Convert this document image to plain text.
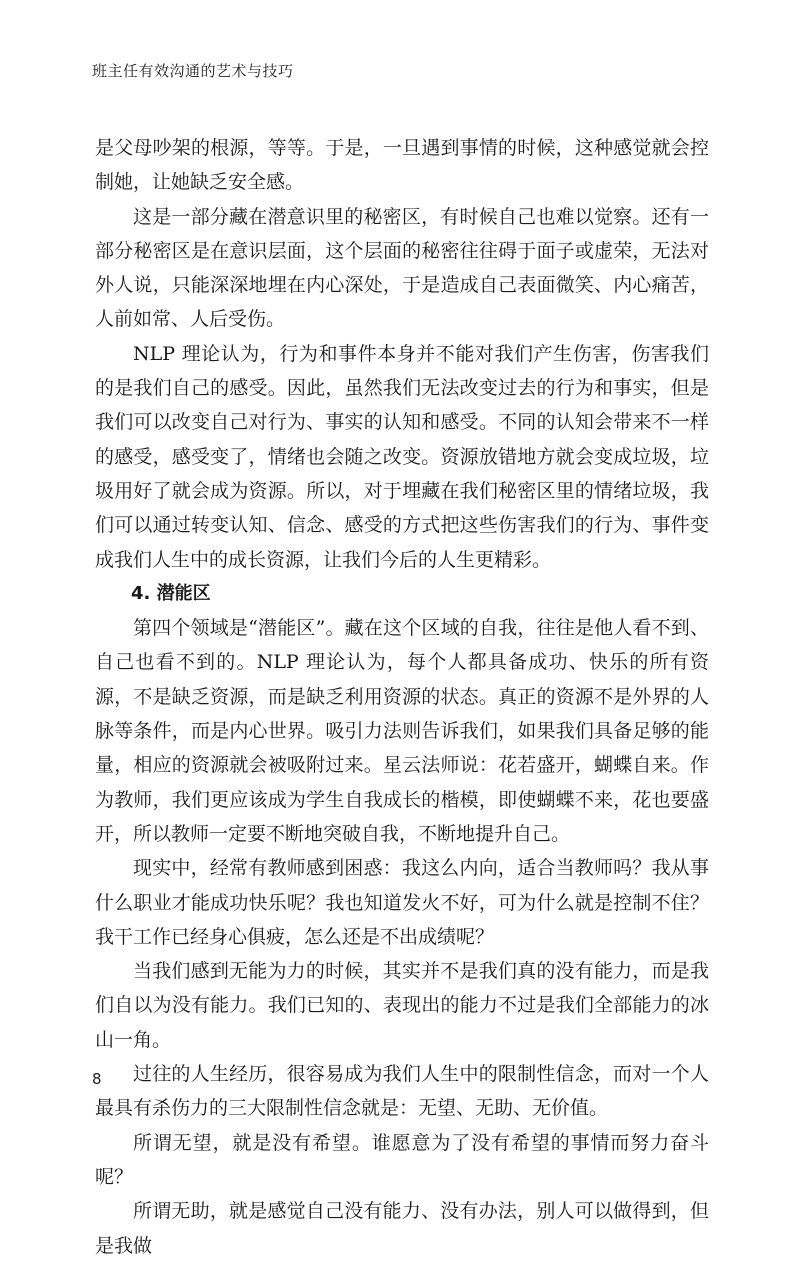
班主任有效沟通的艺术与技巧

是父母吵架的根源，等等。于是，一旦遇到事情的时候，这种感觉就会控制她，让她缺乏安全感。

这是一部分藏在潜意识里的秘密区，有时候自己也难以觉察。还有一部分秘密区是在意识层面，这个层面的秘密往往碍于面子或虚荣，无法对外人说，只能深深地埋在内心深处，于是造成自己表面微笑、内心痛苦，人前如常、人后受伤。

NLP 理论认为，行为和事件本身并不能对我们产生伤害，伤害我们的是我们自己的感受。因此，虽然我们无法改变过去的行为和事实，但是我们可以改变自己对行为、事实的认知和感受。不同的认知会带来不一样的感受，感受变了，情绪也会随之改变。资源放错地方就会变成垃圾，垃圾用好了就会成为资源。所以，对于埋藏在我们秘密区里的情绪垃圾，我们可以通过转变认知、信念、感受的方式把这些伤害我们的行为、事件变成我们人生中的成长资源，让我们今后的人生更精彩。

4. 潜能区

第四个领域是“潜能区”。藏在这个区域的自我，往往是他人看不到、自己也看不到的。NLP 理论认为，每个人都具备成功、快乐的所有资源，不是缺乏资源，而是缺乏利用资源的状态。真正的资源不是外界的人脉等条件，而是内心世界。吸引力法则告诉我们，如果我们具备足够的能量，相应的资源就会被吸附过来。星云法师说：花若盛开，蝴蝶自来。作为教师，我们更应该成为学生自我成长的楷模，即使蝴蝶不来，花也要盛开，所以教师一定要不断地突破自我，不断地提升自己。

现实中，经常有教师感到困惑：我这么内向，适合当教师吗？我从事什么职业才能成功快乐呢？我也知道发火不好，可为什么就是控制不住？我干工作已经身心俱疲，怎么还是不出成绩呢？

当我们感到无能为力的时候，其实并不是我们真的没有能力，而是我们自以为没有能力。我们已知的、表现出的能力不过是我们全部能力的冰山一角。

过往的人生经历，很容易成为我们人生中的限制性信念，而对一个人最具有杀伤力的三大限制性信念就是：无望、无助、无价值。

所谓无望，就是没有希望。谁愿意为了没有希望的事情而努力奋斗呢？

所谓无助，就是感觉自己没有能力、没有办法，别人可以做得到，但是我做

8
